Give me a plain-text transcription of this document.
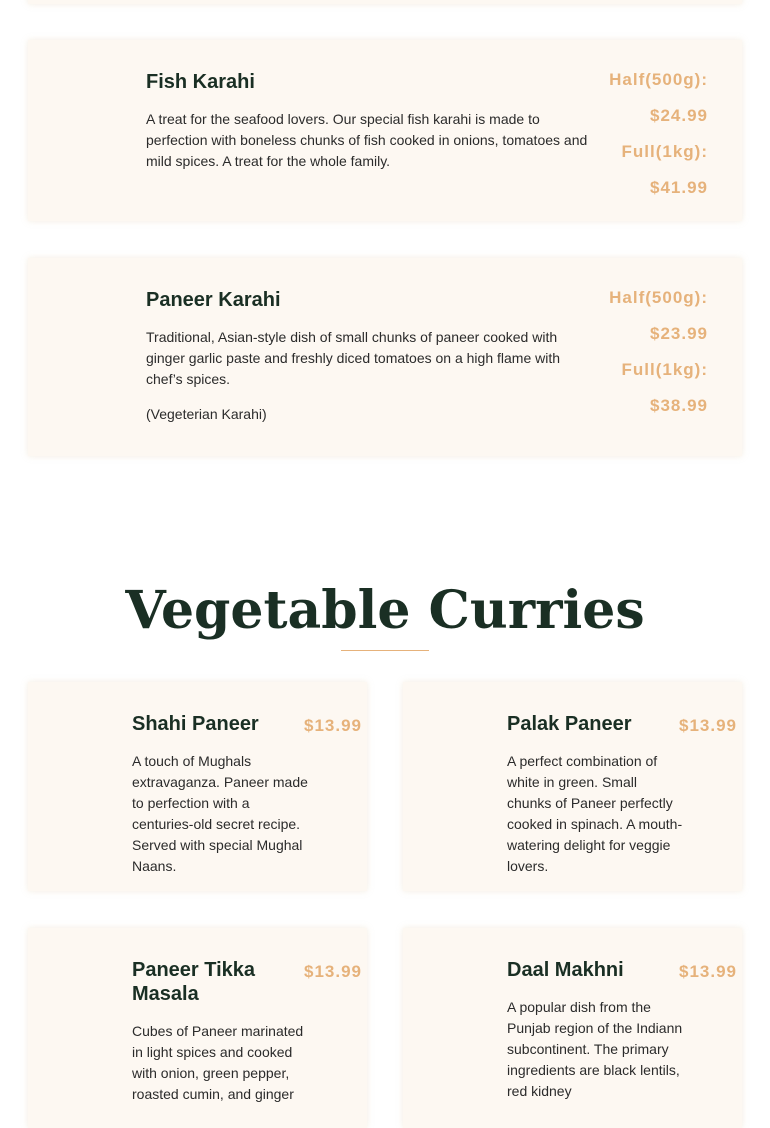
Fish Karahi

A treat for the seafood lovers. Our special fish karahi is made to perfection with boneless chunks of fish cooked in onions, tomatoes and mild spices. A treat for the whole family.

Half(500g):
$24.99
Full(1kg):
$41.99
Paneer Karahi

Traditional, Asian-style dish of small chunks of paneer cooked with ginger garlic paste and freshly diced tomatoes on a high flame with chef’s spices.

(Vegeterian Karahi)

Half(500g):
$23.99
Full(1kg):
$38.99
Vegetable Curries
Shahi Paneer	$13.99
A touch of Mughals extravaganza. Paneer made to perfection with a centuries-old secret recipe. Served with special Mughal Naans.
Palak Paneer	$13.99
A perfect combination of white in green. Small chunks of Paneer perfectly cooked in spinach. A mouth-watering delight for veggie lovers.
Paneer Tikka Masala
$13.99
Cubes of Paneer marinated in light spices and cooked with onion, green pepper, roasted cumin, and ginger
Daal Makhni	$13.99
A popular dish from the Punjab region of the Indiann subcontinent. The primary ingredients are black lentils, red kidney
